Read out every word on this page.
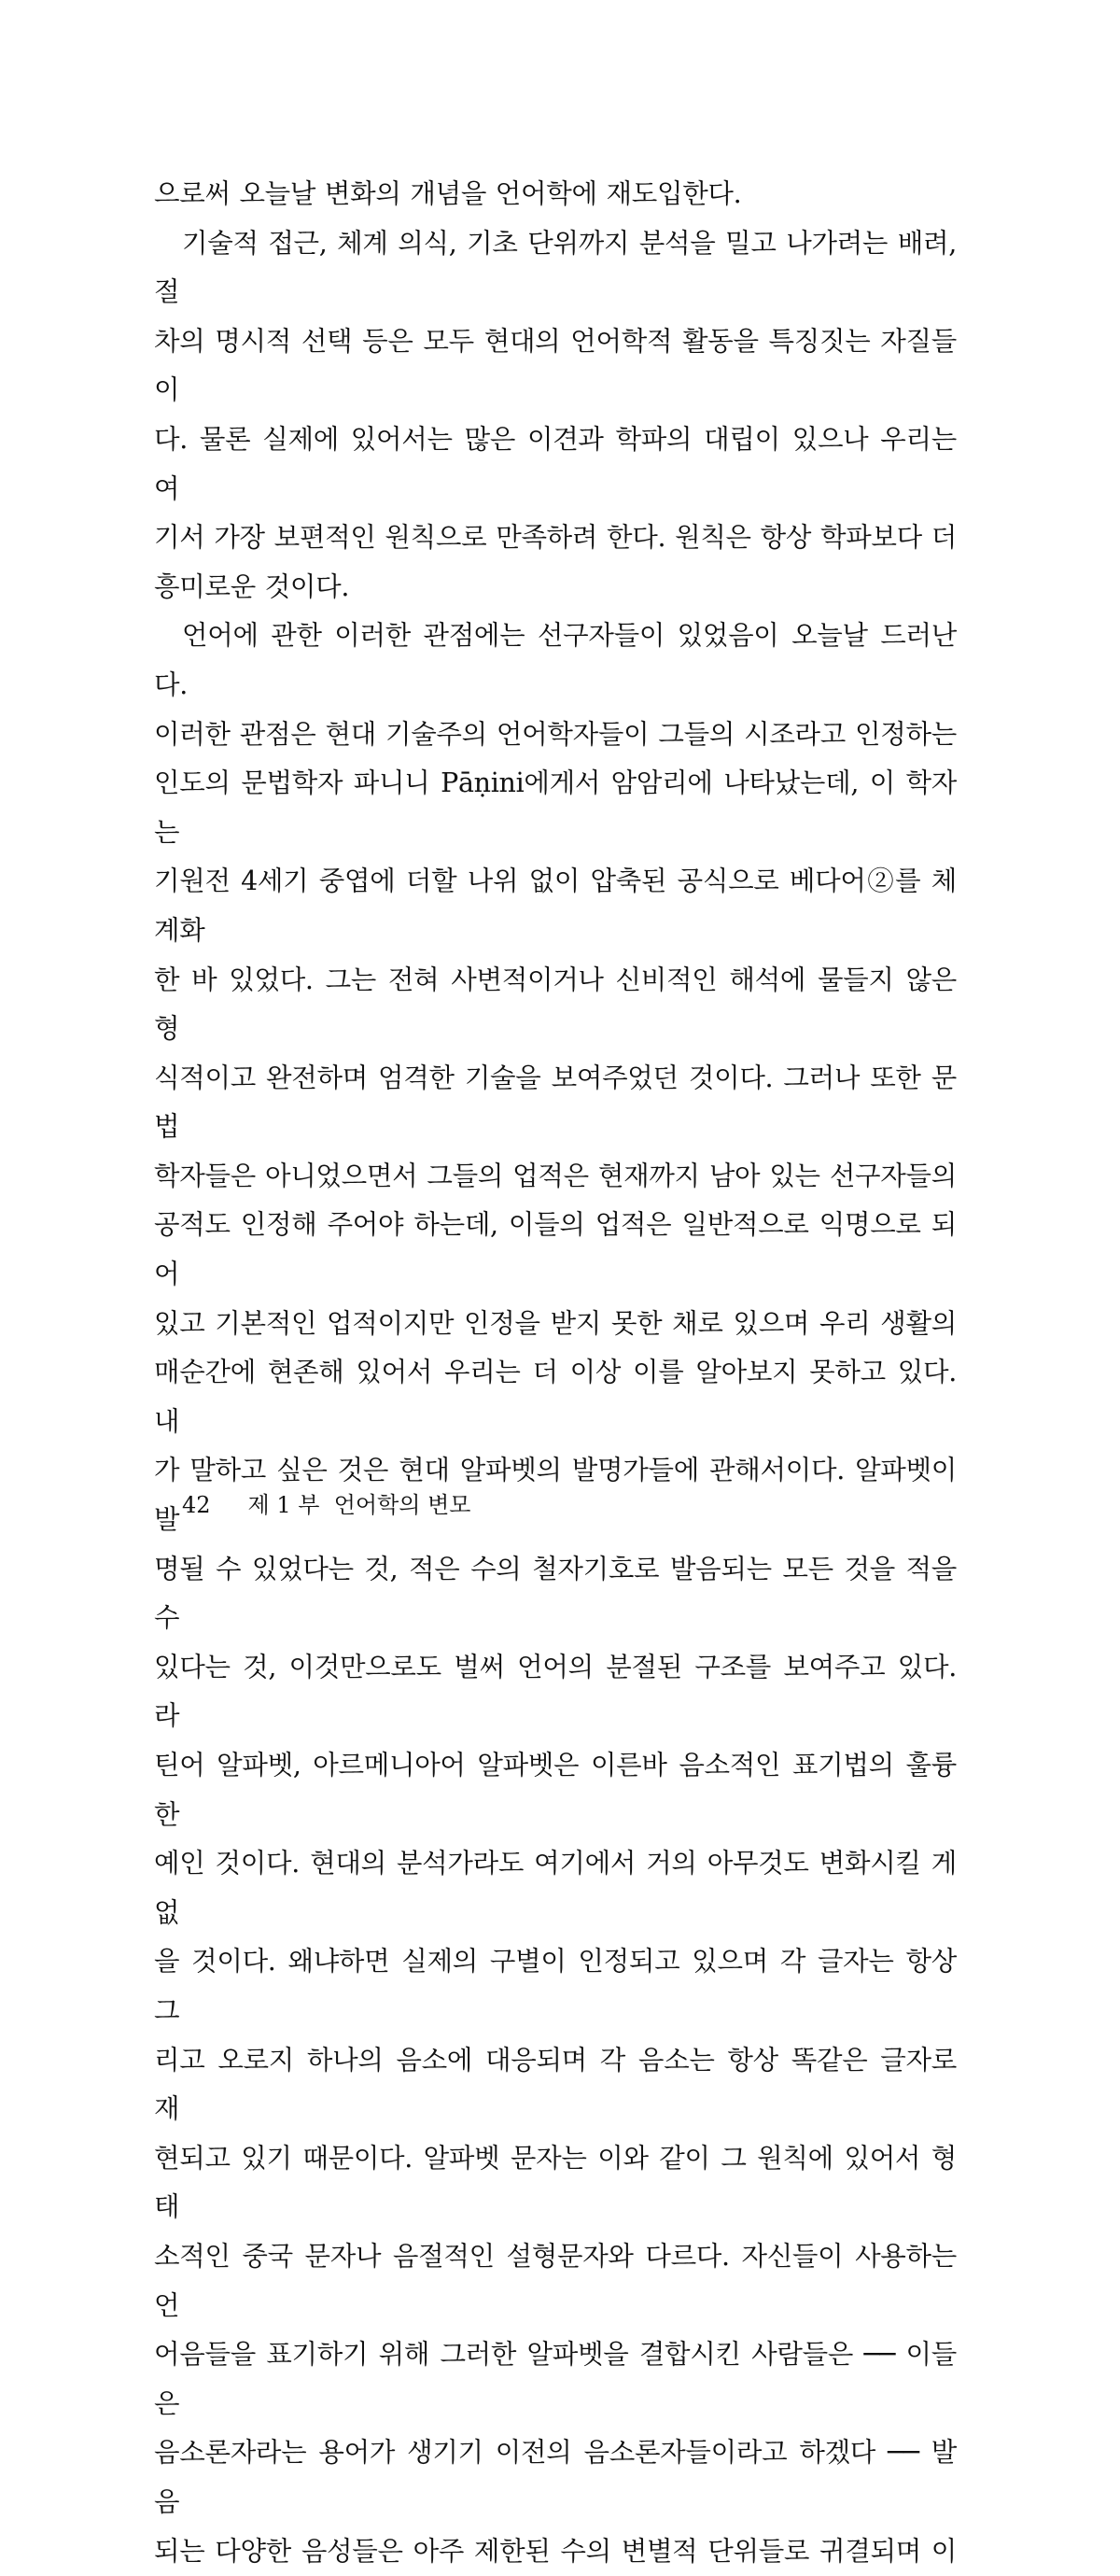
으로써 오늘날 변화의 개념을 언어학에 재도입한다.
기술적 접근, 체계 의식, 기초 단위까지 분석을 밀고 나가려는 배려, 절
차의 명시적 선택 등은 모두 현대의 언어학적 활동을 특징짓는 자질들이
다. 물론 실제에 있어서는 많은 이견과 학파의 대립이 있으나 우리는 여
기서 가장 보편적인 원칙으로 만족하려 한다. 원칙은 항상 학파보다 더
흥미로운 것이다.
언어에 관한 이러한 관점에는 선구자들이 있었음이 오늘날 드러난다.
이러한 관점은 현대 기술주의 언어학자들이 그들의 시조라고 인정하는
인도의 문법학자 파니니 Pāṇini에게서 암암리에 나타났는데, 이 학자는
기원전 4세기 중엽에 더할 나위 없이 압축된 공식으로 베다어②를 체계화
한 바 있었다. 그는 전혀 사변적이거나 신비적인 해석에 물들지 않은 형
식적이고 완전하며 엄격한 기술을 보여주었던 것이다. 그러나 또한 문법
학자들은 아니었으면서 그들의 업적은 현재까지 남아 있는 선구자들의
공적도 인정해 주어야 하는데, 이들의 업적은 일반적으로 익명으로 되어
있고 기본적인 업적이지만 인정을 받지 못한 채로 있으며 우리 생활의
매순간에 현존해 있어서 우리는 더 이상 이를 알아보지 못하고 있다. 내
가 말하고 싶은 것은 현대 알파벳의 발명가들에 관해서이다. 알파벳이 발
명될 수 있었다는 것, 적은 수의 철자기호로 발음되는 모든 것을 적을 수
있다는 것, 이것만으로도 벌써 언어의 분절된 구조를 보여주고 있다. 라
틴어 알파벳, 아르메니아어 알파벳은 이른바 음소적인 표기법의 훌륭한
예인 것이다. 현대의 분석가라도 여기에서 거의 아무것도 변화시킬 게 없
을 것이다. 왜냐하면 실제의 구별이 인정되고 있으며 각 글자는 항상 그
리고 오로지 하나의 음소에 대응되며 각 음소는 항상 똑같은 글자로 재
현되고 있기 때문이다. 알파벳 문자는 이와 같이 그 원칙에 있어서 형태
소적인 중국 문자나 음절적인 설형문자와 다르다. 자신들이 사용하는 언
어음들을 표기하기 위해 그러한 알파벳을 결합시킨 사람들은 ── 이들은
음소론자라는 용어가 생기기 이전의 음소론자들이라고 하겠다 ── 발음
되는 다양한 음성들은 아주 제한된 수의 변별적 단위들로 귀결되며 이
42 제 1 부  언어학의 변모
